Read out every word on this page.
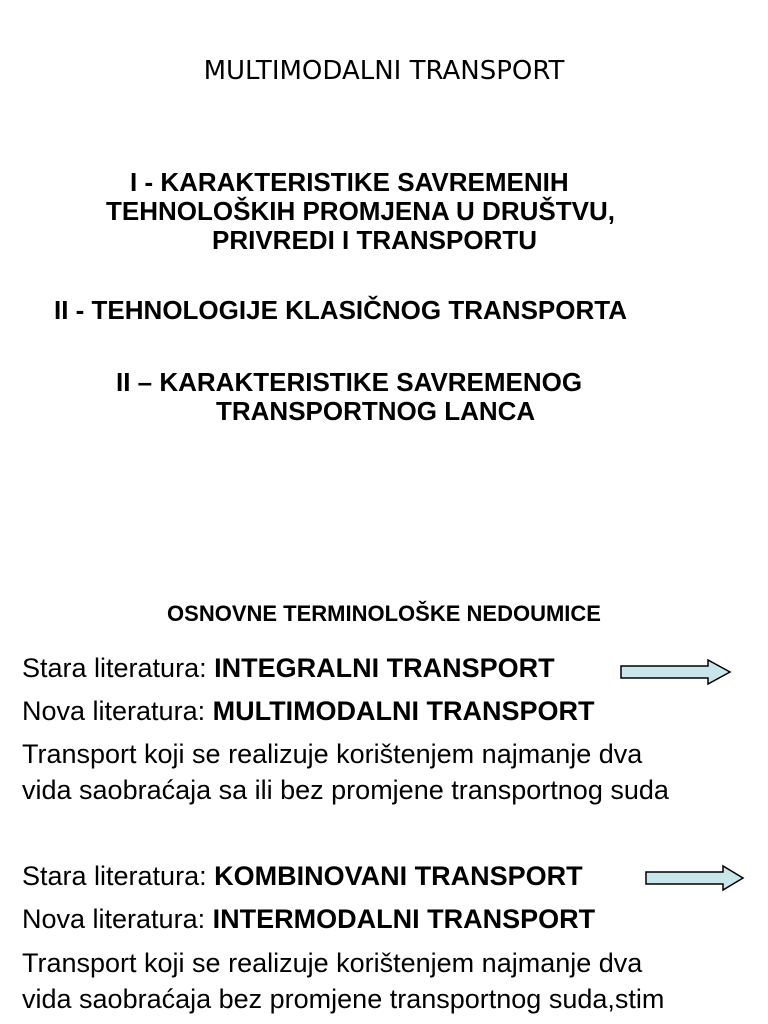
MULTIMODALNI TRANSPORT
I - KARAKTERISTIKE SAVREMENIH
TEHNOLOŠKIH PROMJENA U DRUŠTVU,
PRIVREDI I TRANSPORTU
II - TEHNOLOGIJE KLASIČNOG TRANSPORTA
II – KARAKTERISTIKE SAVREMENOG
TRANSPORTNOG LANCA
OSNOVNE TERMINOLOŠKE NEDOUMICE
Stara literatura: INTEGRALNI TRANSPORT
Nova literatura: MULTIMODALNI TRANSPORT
Transport koji se realizuje korištenjem najmanje dva
vida saobraćaja sa ili bez promjene transportnog suda
Stara literatura: KOMBINOVANI TRANSPORT
Nova literatura: INTERMODALNI TRANSPORT
Transport koji se realizuje korištenjem najmanje dva
vida saobraćaja bez promjene transportnog suda,stim
